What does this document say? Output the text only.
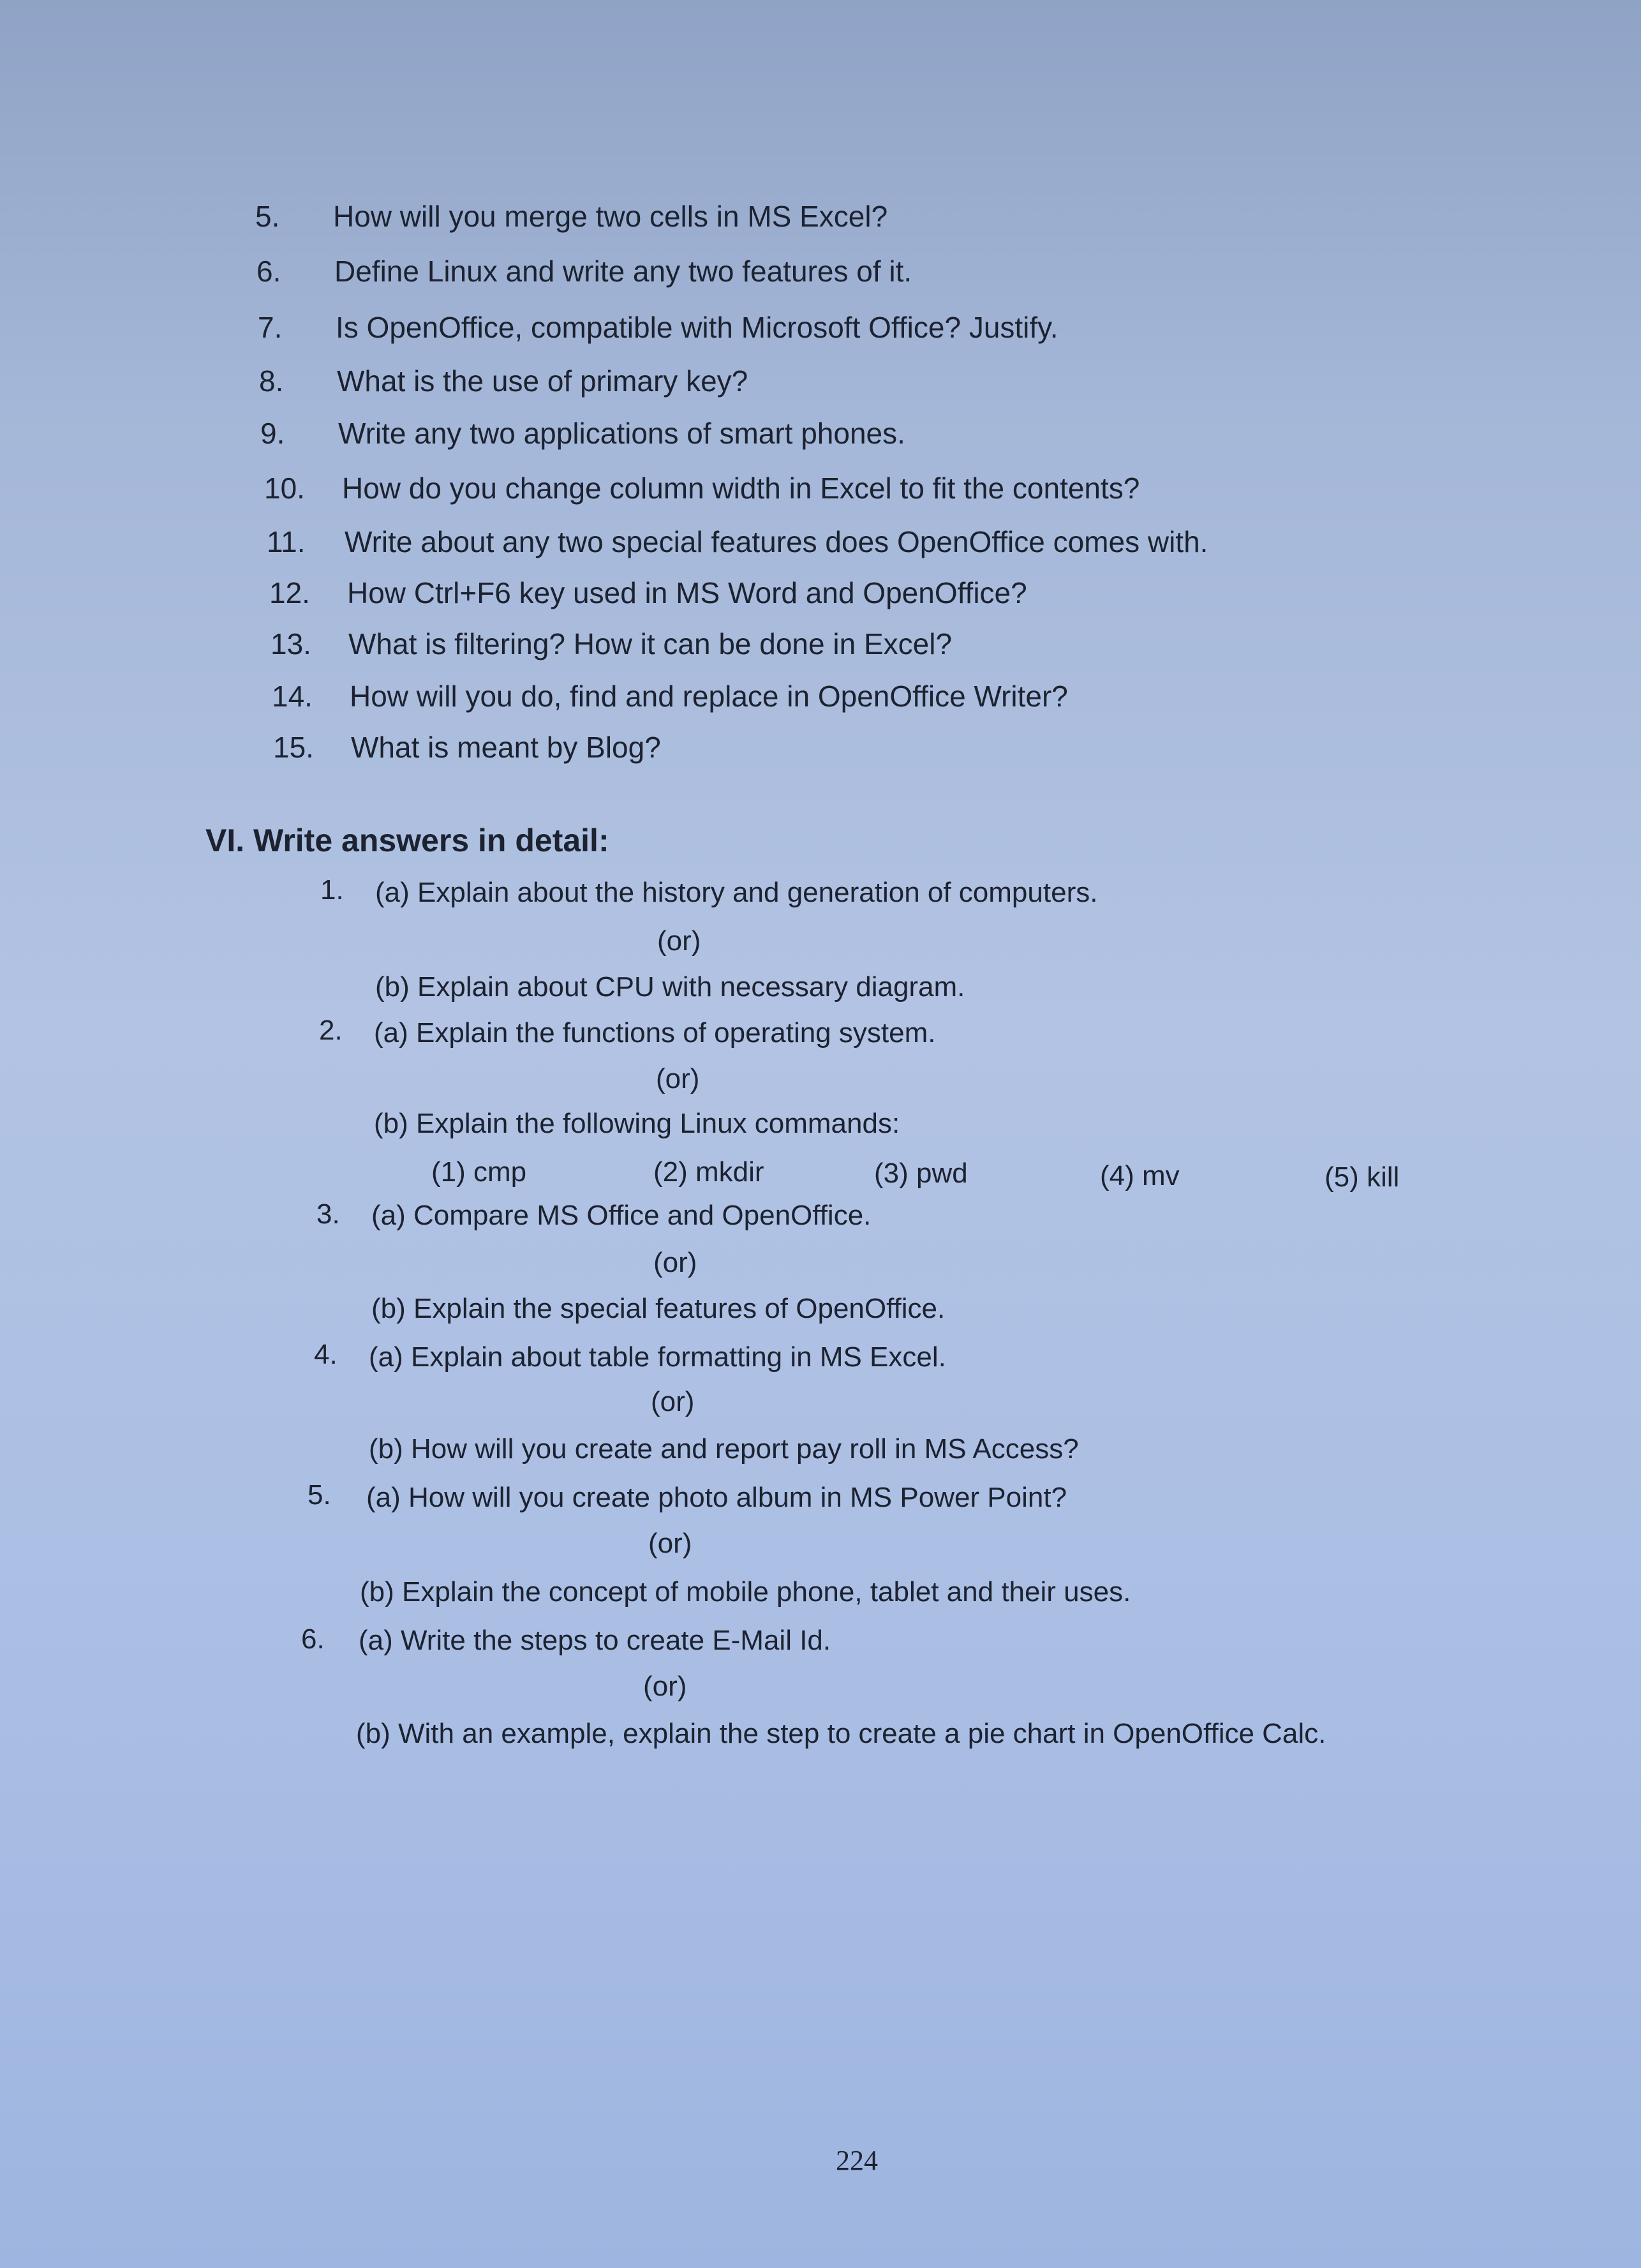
5. How will you merge two cells in MS Excel?
6. Define Linux and write any two features of it.
7. Is OpenOffice, compatible with Microsoft Office? Justify.
8. What is the use of primary key?
9. Write any two applications of smart phones.
10. How do you change column width in Excel to fit the contents?
11. Write about any two special features does OpenOffice comes with.
12. How Ctrl+F6 key used in MS Word and OpenOffice?
13. What is filtering? How it can be done in Excel?
14. How will you do, find and replace in OpenOffice Writer?
15. What is meant by Blog?
VI. Write answers in detail:
1. (a) Explain about the history and generation of computers.
(or)
(b) Explain about CPU with necessary diagram.
2. (a) Explain the functions of operating system.
(or)
(b) Explain the following Linux commands:
(1) cmp	(2) mkdir	(3) pwd	(4) mv	(5) kill
3. (a) Compare MS Office and OpenOffice.
(or)
(b) Explain the special features of OpenOffice.
4. (a) Explain about table formatting in MS Excel.
(or)
(b) How will you create and report pay roll in MS Access?
5. (a) How will you create photo album in MS Power Point?
(or)
(b) Explain the concept of mobile phone, tablet and their uses.
6. (a) Write the steps to create E-Mail Id.
(or)
(b) With an example, explain the step to create a pie chart in OpenOffice Calc.
224
